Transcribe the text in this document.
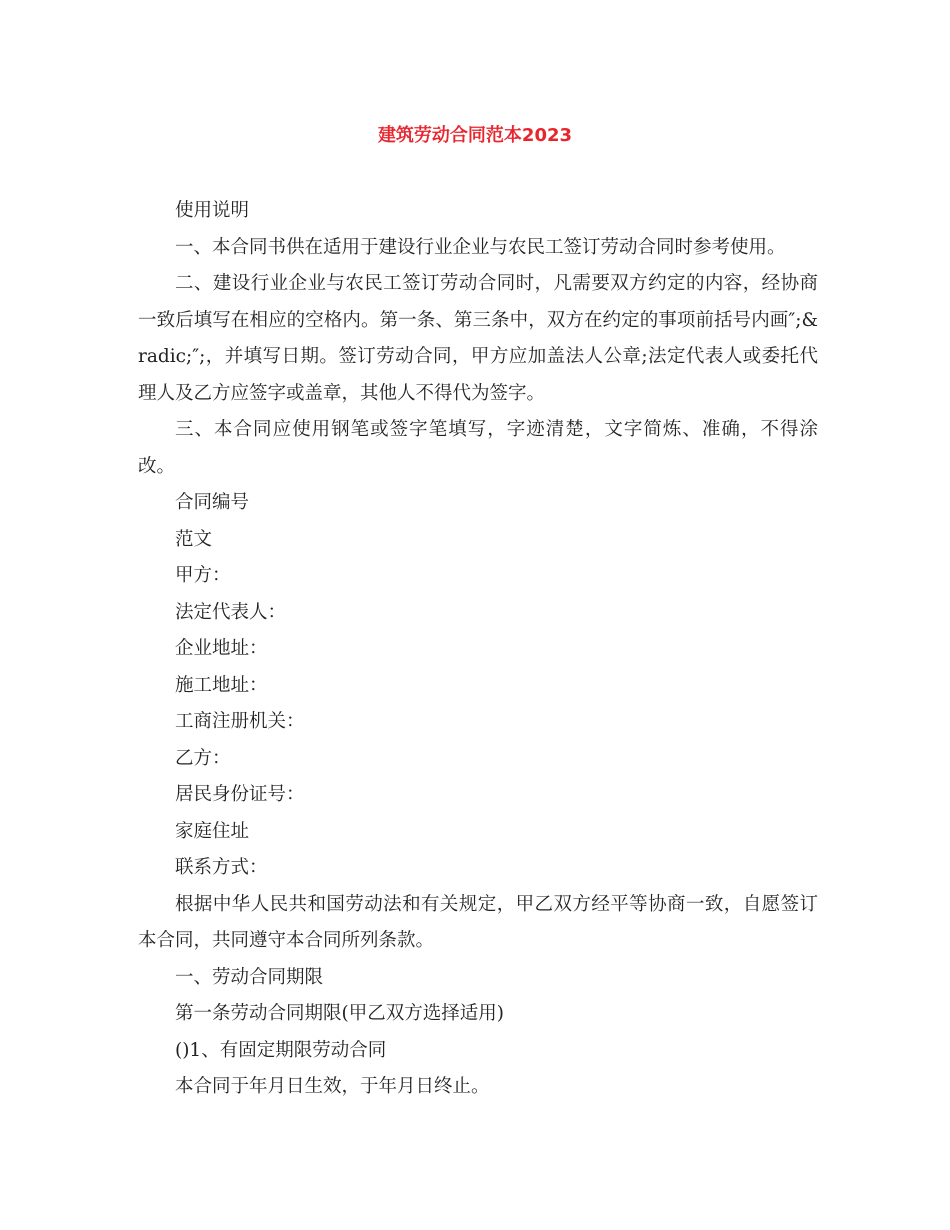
建筑劳动合同范本2023

使用说明

一、本合同书供在适用于建设行业企业与农民工签订劳动合同时参考使用。

二、建设行业企业与农民工签订劳动合同时，凡需要双方约定的内容，经协商一致后填写在相应的空格内。第一条、第三条中，双方在约定的事项前括号内画″;&radic;″;，并填写日期。签订劳动合同，甲方应加盖法人公章;法定代表人或委托代理人及乙方应签字或盖章，其他人不得代为签字。

三、本合同应使用钢笔或签字笔填写，字迹清楚，文字简炼、准确，不得涂改。

合同编号

范文

甲方：

法定代表人：

企业地址：

施工地址：

工商注册机关：

乙方：

居民身份证号：

家庭住址

联系方式：

根据中华人民共和国劳动法和有关规定，甲乙双方经平等协商一致，自愿签订本合同，共同遵守本合同所列条款。

一、劳动合同期限

第一条劳动合同期限(甲乙双方选择适用)

()1、有固定期限劳动合同

本合同于年月日生效，于年月日终止。
